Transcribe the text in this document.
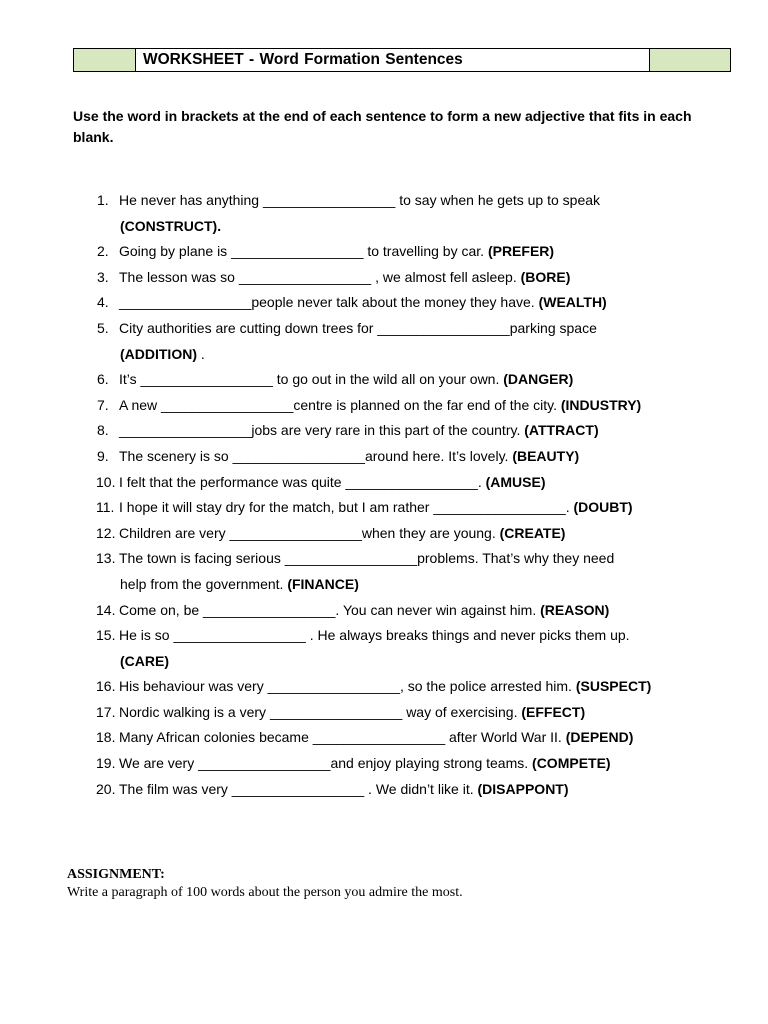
WORKSHEET - Word Formation Sentences
Use the word in brackets at the end of each sentence to form a new adjective that fits in each blank.
1. He never has anything _________________ to say when he gets up to speak
(CONSTRUCT).
2. Going by plane is _________________ to travelling by car. (PREFER)
3. The lesson was so _________________ , we almost fell asleep. (BORE)
4. _________________people never talk about the money they have. (WEALTH)
5. City authorities are cutting down trees for _________________parking space
(ADDITION) .
6. It’s _________________ to go out in the wild all on your own. (DANGER)
7. A new _________________centre is planned on the far end of the city. (INDUSTRY)
8. _________________jobs are very rare in this part of the country. (ATTRACT)
9. The scenery is so _________________around here. It’s lovely. (BEAUTY)
10. I felt that the performance was quite _________________. (AMUSE)
11. I hope it will stay dry for the match, but I am rather _________________. (DOUBT)
12. Children are very _________________when they are young. (CREATE)
13. The town is facing serious _________________problems. That’s why they need
help from the government. (FINANCE)
14. Come on, be _________________. You can never win against him. (REASON)
15. He is so _________________ . He always breaks things and never picks them up.
(CARE)
16. His behaviour was very _________________, so the police arrested him. (SUSPECT)
17. Nordic walking is a very _________________ way of exercising. (EFFECT)
18. Many African colonies became _________________ after World War II. (DEPEND)
19. We are very _________________and enjoy playing strong teams. (COMPETE)
20. The film was very _________________ . We didn’t like it. (DISAPPONT)
ASSIGNMENT:
Write a paragraph of 100 words about the person you admire the most.
